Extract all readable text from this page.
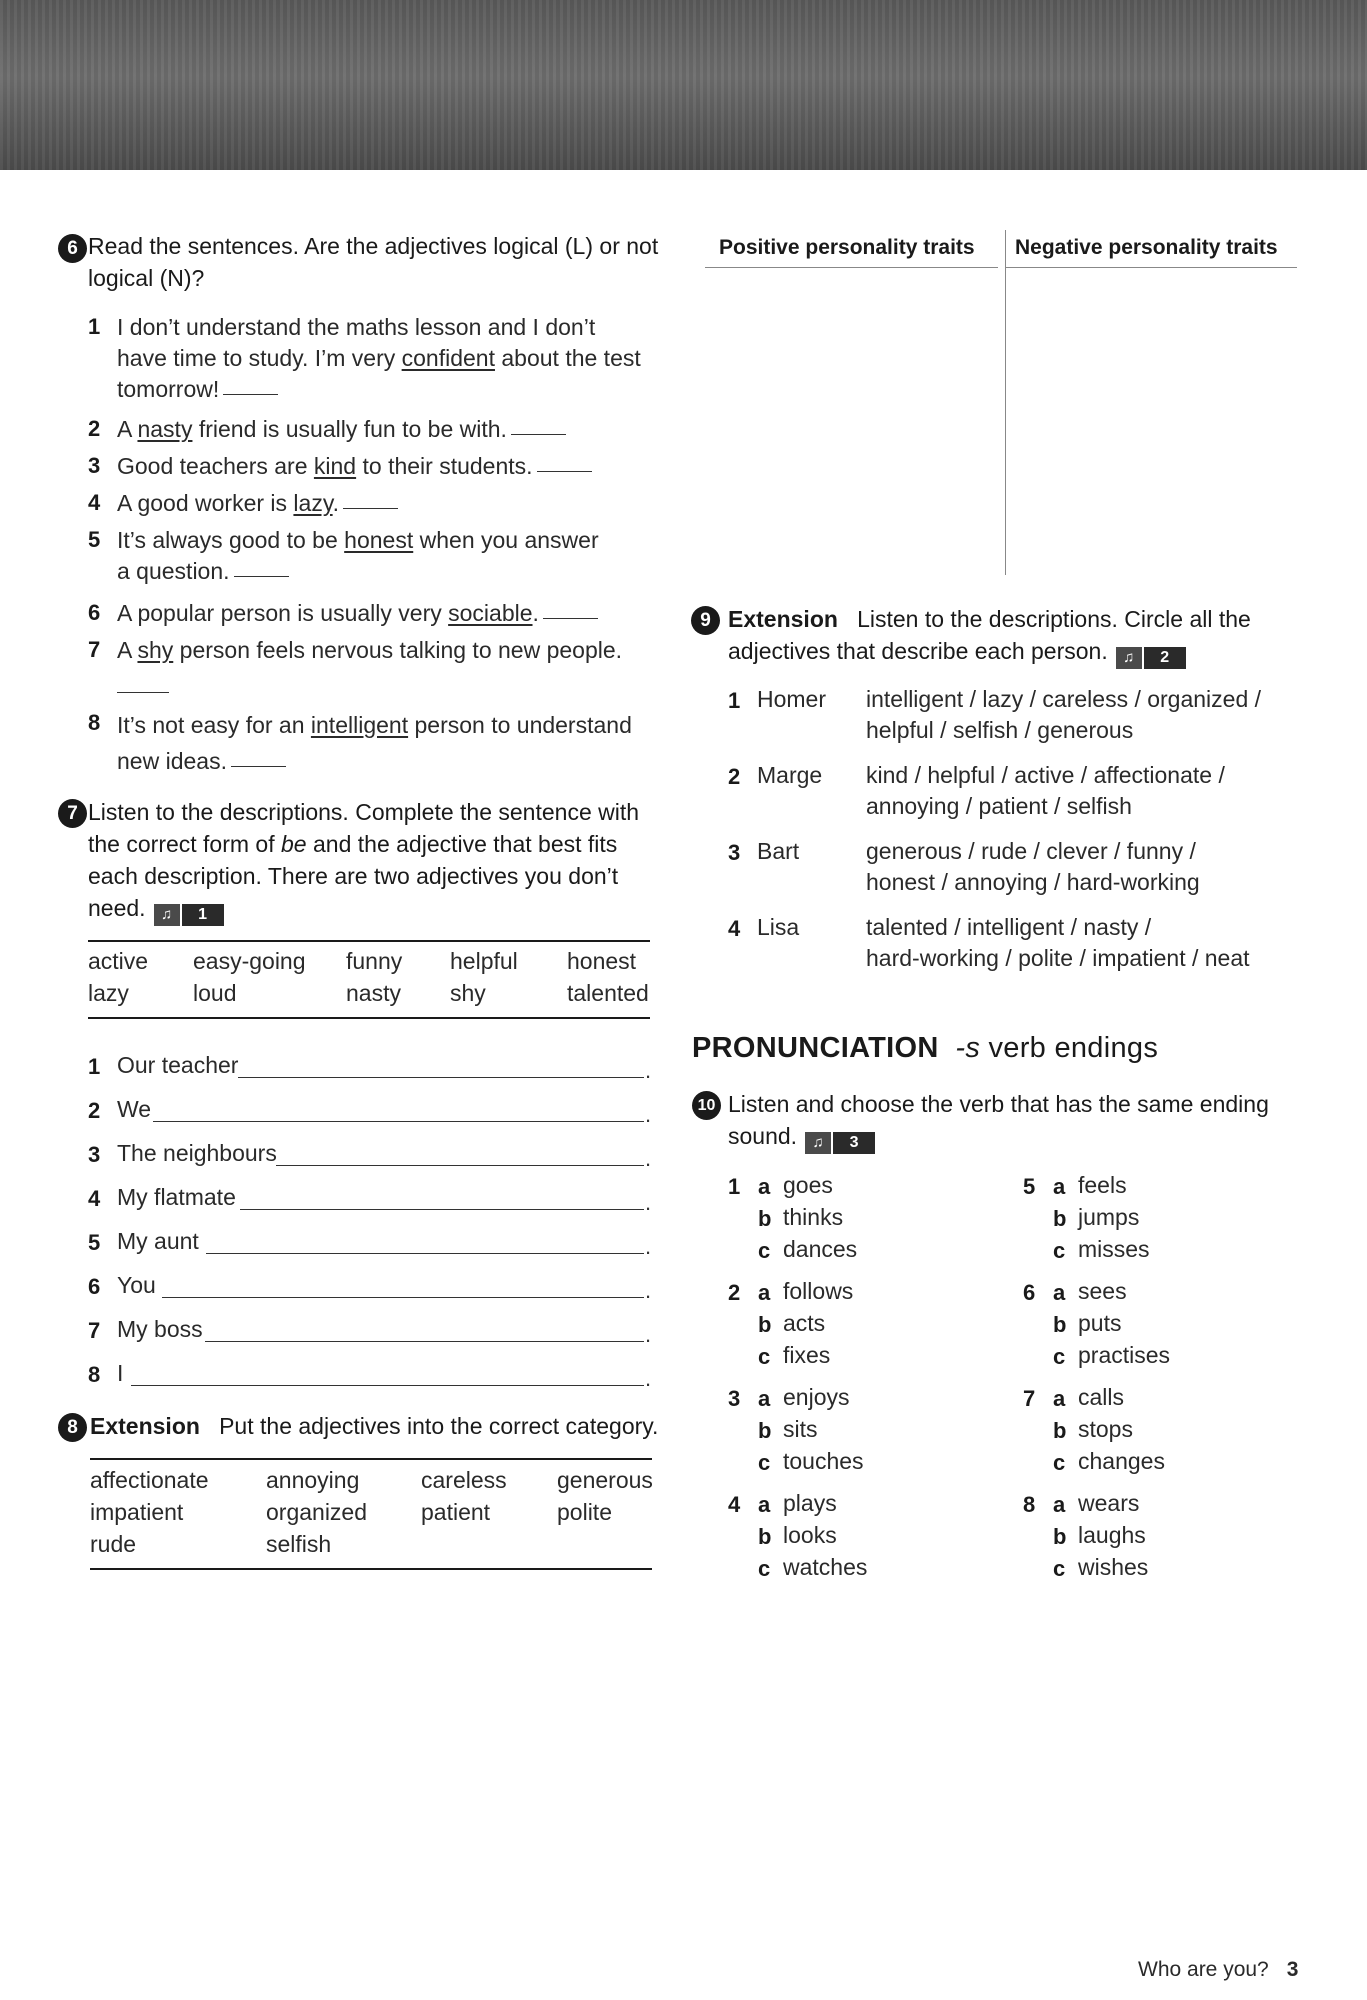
6 Read the sentences. Are the adjectives logical (L) or not logical (N)?
1 I don’t understand the maths lesson and I don’t have time to study. I’m very confident about the test tomorrow!
2 A nasty friend is usually fun to be with.
3 Good teachers are kind to their students.
4 A good worker is lazy.
5 It’s always good to be honest when you answer a question.
6 A popular person is usually very sociable.
7 A shy person feels nervous talking to new people.
8 It’s not easy for an intelligent person to understand new ideas.
7 Listen to the descriptions. Complete the sentence with the correct form of be and the adjective that best fits each description. There are two adjectives you don’t need. ♫ 1
active easy-going funny helpful honest
lazy	loud	nasty shy	talented
1 Our teacher	.
2 We	.
3 The neighbours	.
4 My flatmate	.
5 My aunt	.
6 You	.
7 My boss	.
8 I	.
8 Extension Put the adjectives into the correct category.
affectionate annoying	careless generous
impatient	organized patient	polite
rude	selfish
Positive personality traits Negative personality traits
9 Extension Listen to the descriptions. Circle all the adjectives that describe each person. ♫ 2
1 Homer intelligent / lazy / careless / organized /
helpful / selfish / generous
2 Marge kind / helpful / active / affectionate /
annoying / patient / selfish
3 Bart	generous / rude / clever / funny /
honest / annoying / hard-working
4 Lisa	talented / intelligent / nasty /
hard-working / polite / impatient / neat
PRONUNCIATION -s verb endings
10 Listen and choose the verb that has the same ending sound. ♫ 3
1 a goes
b thinks
c dances
2 a follows
b acts
c fixes
3 a enjoys
b sits
c touches
4 a plays
b looks
c watches
5 a feels
b jumps
c misses
6 a sees
b puts
c practises
7 a calls
b stops
c changes
8 a wears
b laughs
c wishes
Who are you? 3
